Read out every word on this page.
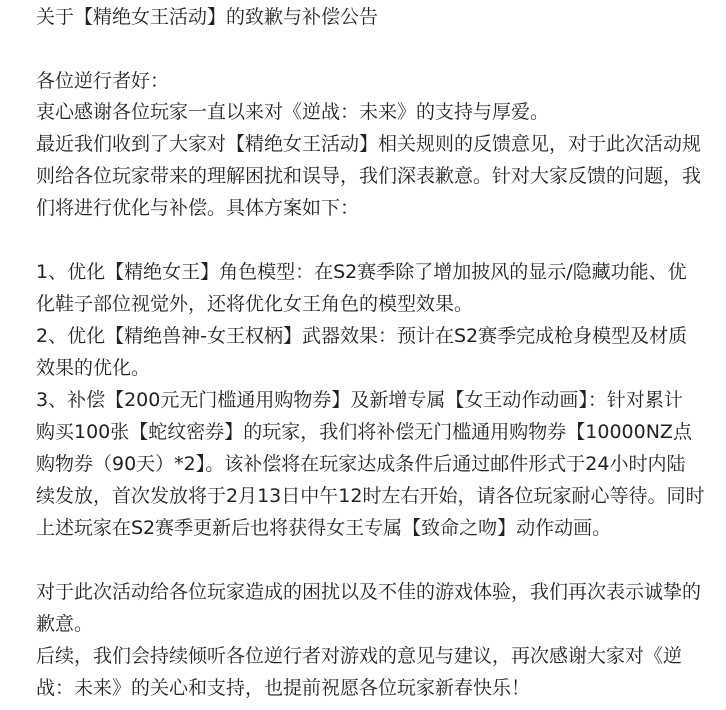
关于【精绝女王活动】的致歉与补偿公告

各位逆行者好：

衷心感谢各位玩家一直以来对《逆战：未来》的支持与厚爱。

最近我们收到了大家对【精绝女王活动】相关规则的反馈意见，对于此次活动规

则给各位玩家带来的理解困扰和误导，我们深表歉意。针对大家反馈的问题，我

们将进行优化与补偿。具体方案如下：

1、优化【精绝女王】角色模型：在S2赛季除了增加披风的显示/隐藏功能、优

化鞋子部位视觉外，还将优化女王角色的模型效果。

2、优化【精绝兽神-女王权柄】武器效果：预计在S2赛季完成枪身模型及材质

效果的优化。

3、补偿【200元无门槛通用购物券】及新增专属【女王动作动画】：针对累计

购买100张【蛇纹密券】的玩家，我们将补偿无门槛通用购物券【10000NZ点

购物券（90天）*2】。该补偿将在玩家达成条件后通过邮件形式于24小时内陆

续发放，首次发放将于2月13日中午12时左右开始，请各位玩家耐心等待。同时

上述玩家在S2赛季更新后也将获得女王专属【致命之吻】动作动画。

对于此次活动给各位玩家造成的困扰以及不佳的游戏体验，我们再次表示诚挚的

歉意。

后续，我们会持续倾听各位逆行者对游戏的意见与建议，再次感谢大家对《逆

战：未来》的关心和支持，也提前祝愿各位玩家新春快乐！
